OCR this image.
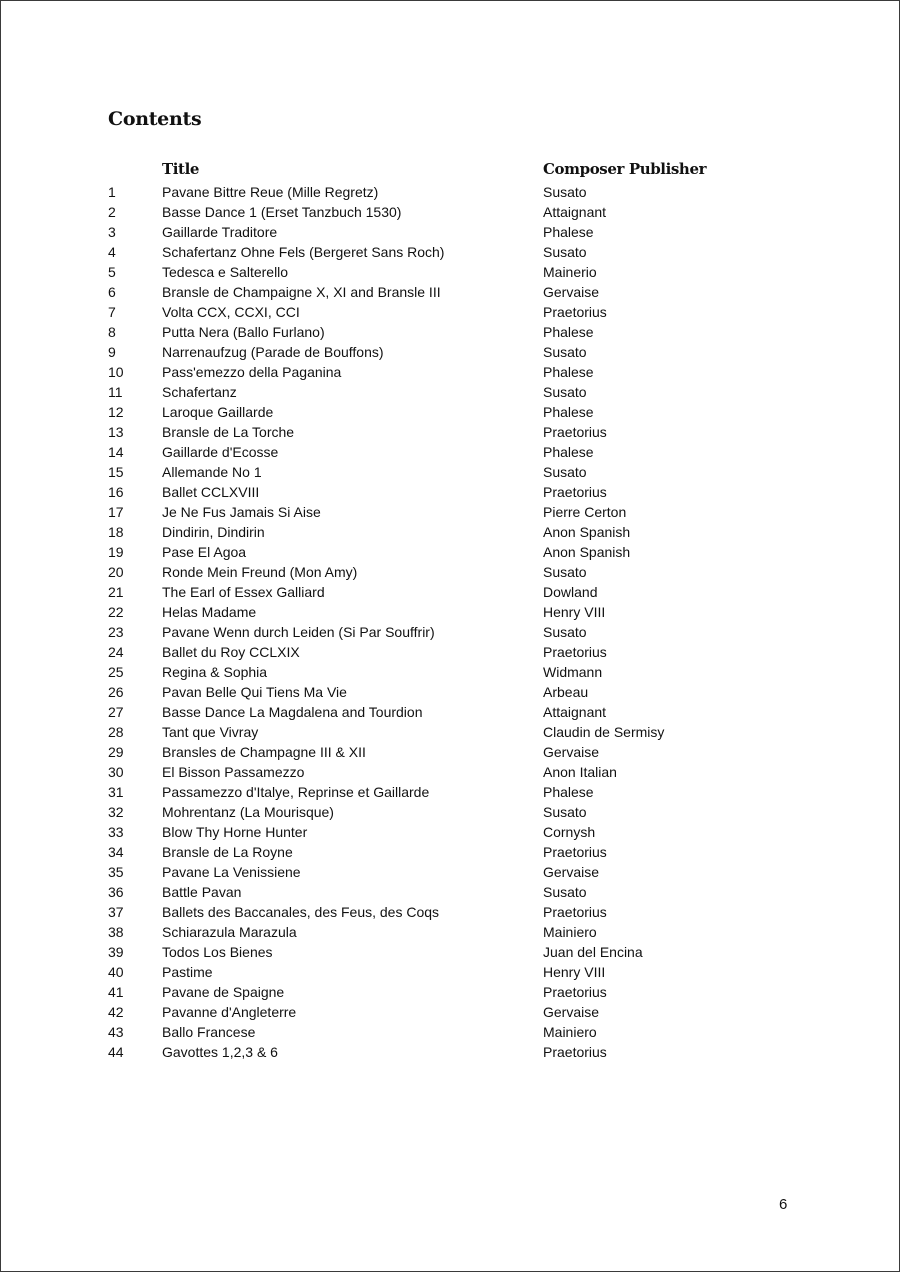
Contents
Title	Composer Publisher
1	Pavane Bittre Reue (Mille Regretz)	Susato
2	Basse Dance 1 (Erset Tanzbuch 1530)	Attaignant
3	Gaillarde Traditore	Phalese
4	Schafertanz Ohne Fels (Bergeret Sans Roch)	Susato
5	Tedesca e Salterello	Mainerio
6	Bransle de Champaigne X, XI and Bransle III	Gervaise
7	Volta CCX, CCXI, CCI	Praetorius
8	Putta Nera (Ballo Furlano)	Phalese
9	Narrenaufzug (Parade de Bouffons)	Susato
10	Pass'emezzo della Paganina	Phalese
11	Schafertanz	Susato
12	Laroque Gaillarde	Phalese
13	Bransle de La Torche	Praetorius
14	Gaillarde d'Ecosse	Phalese
15	Allemande No 1	Susato
16	Ballet CCLXVIII	Praetorius
17	Je Ne Fus Jamais Si Aise	Pierre Certon
18	Dindirin, Dindirin	Anon Spanish
19	Pase El Agoa	Anon Spanish
20	Ronde Mein Freund (Mon Amy)	Susato
21	The Earl of Essex Galliard	Dowland
22	Helas Madame	Henry VIII
23	Pavane Wenn durch Leiden (Si Par Souffrir)	Susato
24	Ballet du Roy CCLXIX	Praetorius
25	Regina & Sophia	Widmann
26	Pavan Belle Qui Tiens Ma Vie	Arbeau
27	Basse Dance La Magdalena and Tourdion	Attaignant
28	Tant que Vivray	Claudin de Sermisy
29	Bransles de Champagne III & XII	Gervaise
30	El Bisson Passamezzo	Anon Italian
31	Passamezzo d'Italye, Reprinse et Gaillarde	Phalese
32	Mohrentanz (La Mourisque)	Susato
33	Blow Thy Horne Hunter	Cornysh
34	Bransle de La Royne	Praetorius
35	Pavane La Venissiene	Gervaise
36	Battle Pavan	Susato
37	Ballets des Baccanales, des Feus, des Coqs	Praetorius
38	Schiarazula Marazula	Mainiero
39	Todos Los Bienes	Juan del Encina
40	Pastime	Henry VIII
41	Pavane de Spaigne	Praetorius
42	Pavanne d'Angleterre	Gervaise
43	Ballo Francese	Mainiero
44	Gavottes 1,2,3 & 6	Praetorius
6
